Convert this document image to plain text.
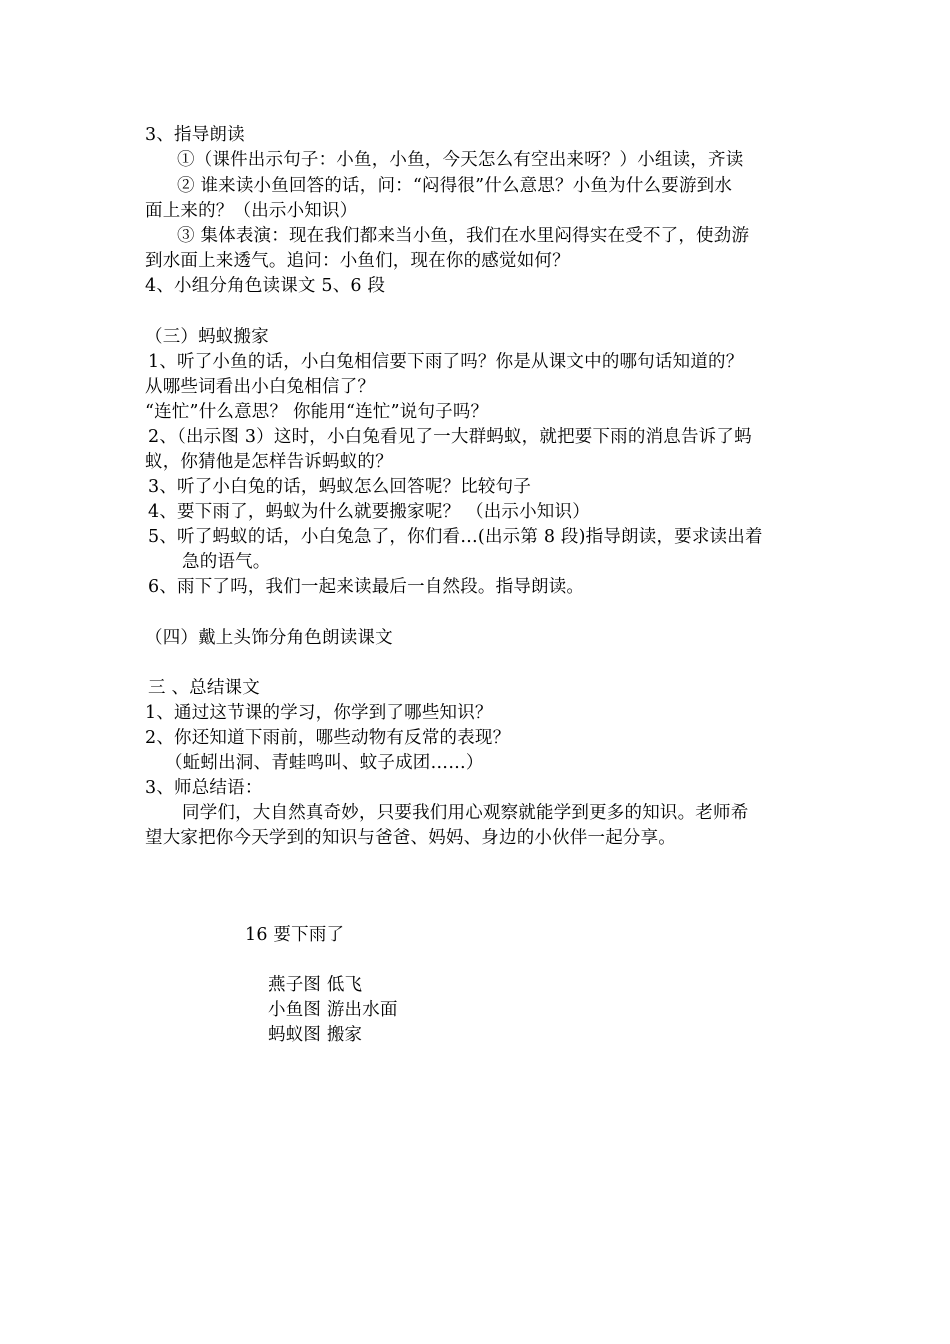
3、指导朗读

①（课件出示句子：小鱼，小鱼，今天怎么有空出来呀？）小组读，齐读

② 谁来读小鱼回答的话，问：“闷得很”什么意思？小鱼为什么要游到水

面上来的？（出示小知识）

③ 集体表演：现在我们都来当小鱼，我们在水里闷得实在受不了，使劲游

到水面上来透气。追问：小鱼们，现在你的感觉如何？

4、小组分角色读课文 5、6 段

（三）蚂蚁搬家

1、听了小鱼的话，小白兔相信要下雨了吗？你是从课文中的哪句话知道的？

从哪些词看出小白兔相信了？

“连忙”什么意思？ 你能用“连忙”说句子吗？

2、（出示图 3）这时，小白兔看见了一大群蚂蚁，就把要下雨的消息告诉了蚂

蚁，你猜他是怎样告诉蚂蚁的？

3、听了小白兔的话，蚂蚁怎么回答呢？比较句子

4、要下雨了，蚂蚁为什么就要搬家呢？ （出示小知识）

5、听了蚂蚁的话，小白兔急了，你们看…(出示第 8 段)指导朗读，要求读出着

急的语气。

6、雨下了吗，我们一起来读最后一自然段。指导朗读。

（四）戴上头饰分角色朗读课文

三 、总结课文

1、通过这节课的学习，你学到了哪些知识？

2、你还知道下雨前，哪些动物有反常的表现？

（蚯蚓出洞、青蛙鸣叫、蚊子成团……）

3、师总结语：

同学们，大自然真奇妙，只要我们用心观察就能学到更多的知识。老师希

望大家把你今天学到的知识与爸爸、妈妈、身边的小伙伴一起分享。

16 要下雨了

燕子图 低飞

小鱼图 游出水面

蚂蚁图 搬家
